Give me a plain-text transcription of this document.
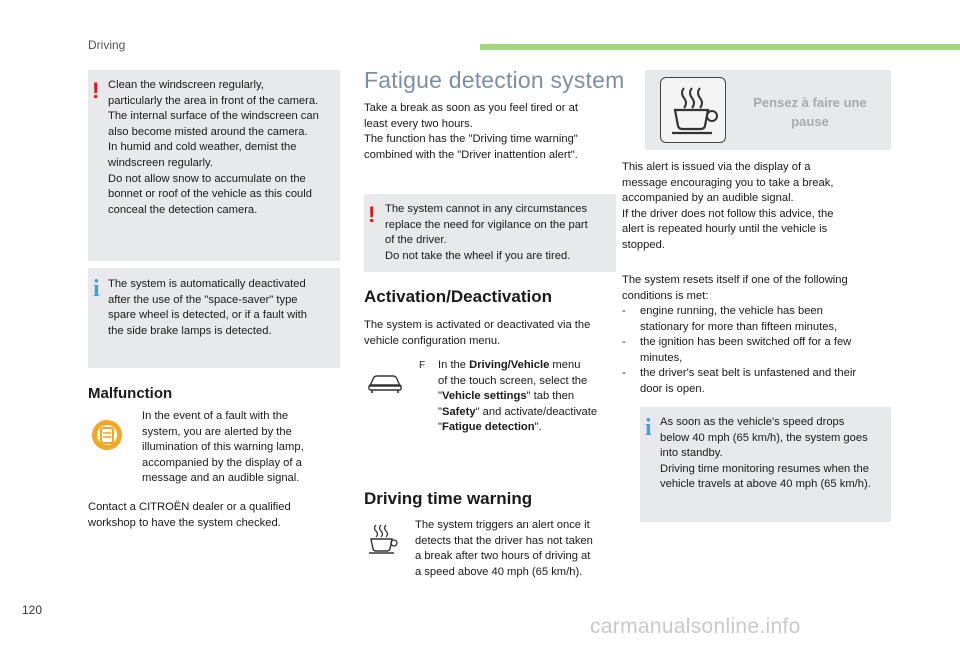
Driving
! Clean the windscreen regularly,
particularly the area in front of the camera.
The internal surface of the windscreen can
also become misted around the camera.
In humid and cold weather, demist the
windscreen regularly.
Do not allow snow to accumulate on the
bonnet or roof of the vehicle as this could
conceal the detection camera.
i The system is automatically deactivated
after the use of the "space-saver" type
spare wheel is detected, or if a fault with
the side brake lamps is detected.
Malfunction
In the event of a fault with the
system, you are alerted by the
illumination of this warning lamp,
accompanied by the display of a
message and an audible signal.
Contact a CITROËN dealer or a qualified
workshop to have the system checked.
Fatigue detection system
Take a break as soon as you feel tired or at
least every two hours.
The function has the "Driving time warning"
combined with the "Driver inattention alert".
! The system cannot in any circumstances
replace the need for vigilance on the part
of the driver.
Do not take the wheel if you are tired.
Activation/Deactivation
The system is activated or deactivated via the
vehicle configuration menu.
F In the Driving/Vehicle menu
of the touch screen, select the
"Vehicle settings" tab then
"Safety" and activate/deactivate
"Fatigue detection".
Driving time warning
The system triggers an alert once it
detects that the driver has not taken
a break after two hours of driving at
a speed above 40 mph (65 km/h).
Pensez à faire une
pause
This alert is issued via the display of a
message encouraging you to take a break,
accompanied by an audible signal.
If the driver does not follow this advice, the
alert is repeated hourly until the vehicle is
stopped.
The system resets itself if one of the following
conditions is met:
-	engine running, the vehicle has been
stationary for more than fifteen minutes,
-	the ignition has been switched off for a few
minutes,
-	the driver's seat belt is unfastened and their
door is open.
i As soon as the vehicle's speed drops
below 40 mph (65 km/h), the system goes
into standby.
Driving time monitoring resumes when the
vehicle travels at above 40 mph (65 km/h).
120
carmanualsonline.info
